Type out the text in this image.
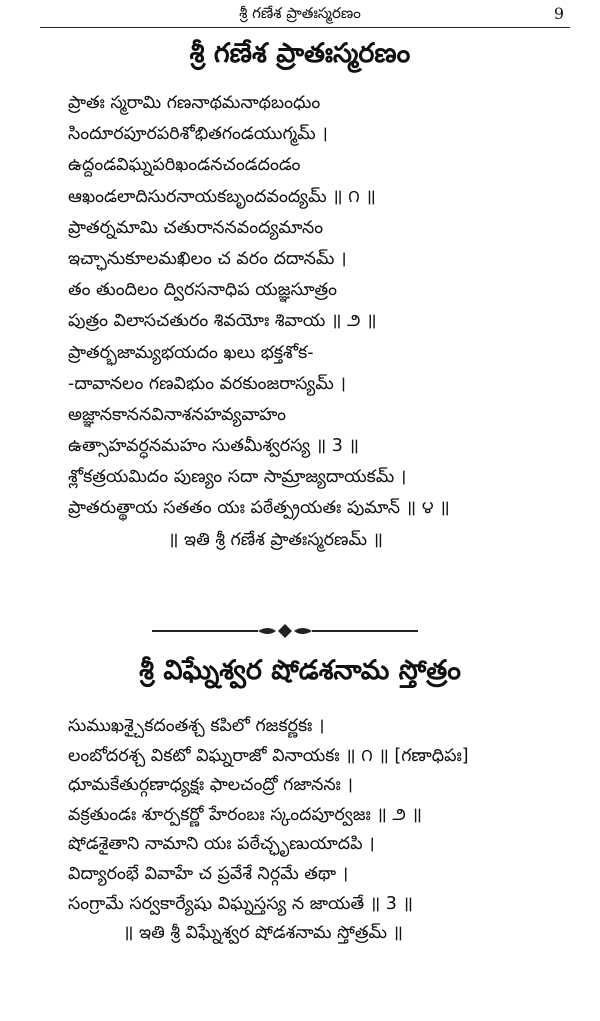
శ్రీ గణేశ ప్రాతఃస్మరణం	9
శ్రీ గణేశ ప్రాతఃస్మరణం
ప్రాతః స్మరామి గణనాథమనాథబంధుం
సిందూరపూరపరిశోభితగండయుగ్మమ్ ।
ఉద్దండవిఘ్నపరిఖండనచండదండం
ఆఖండలాదిసురనాయకబృందవంద్యమ్ ॥ ౧ ॥
ప్రాతర్నమామి చతురాననవంద్యమానం
ఇచ్ఛానుకూలమఖిలం చ వరం దదానమ్ ।
తం తుందిలం ద్విరసనాధిప యజ్ఞసూత్రం
పుత్రం విలాసచతురం శివయోః శివాయ ॥ ౨ ॥
ప్రాతర్భజామ్యభయదం ఖలు భక్తశోక-
-దావానలం గణవిభుం వరకుంజరాస్యమ్ ।
అజ్ఞానకాననవినాశనహవ్యవాహం
ఉత్సాహవర్ధనమహం సుతమీశ్వరస్య ॥ 3 ॥
శ్లోకత్రయమిదం పుణ్యం సదా సామ్రాజ్యదాయకమ్ ।
ప్రాతరుత్థాయ సతతం యః పఠేత్ప్రయతః పుమాన్ ॥ ౪ ॥
॥ ఇతి శ్రీ గణేశ ప్రాతఃస్మరణమ్ ॥
శ్రీ విఘ్నేశ్వర షోడశనామ స్తోత్రం
సుముఖశ్చైకదంతశ్చ కపిలో గజకర్ణకః ।
లంబోదరశ్చ వికటో విఘ్నరాజో వినాయకః ॥ ౧ ॥ [గణాధిపః]
ధూమకేతుర్గణాధ్యక్షః ఫాలచంద్రో గజాననః ।
వక్రతుండః శూర్పకర్ణో హేరంబః స్కందపూర్వజః ॥ ౨ ॥
షోడశైతాని నామాని యః పఠేచ్ఛృణుయాదపి ।
విద్యారంభే వివాహే చ ప్రవేశే నిర్గమే తథా ।
సంగ్రామే సర్వకార్యేషు విఘ్నస్తస్య న జాయతే ॥ 3 ॥
॥ ఇతి శ్రీ విఘ్నేశ్వర షోడశనామ స్తోత్రమ్ ॥
